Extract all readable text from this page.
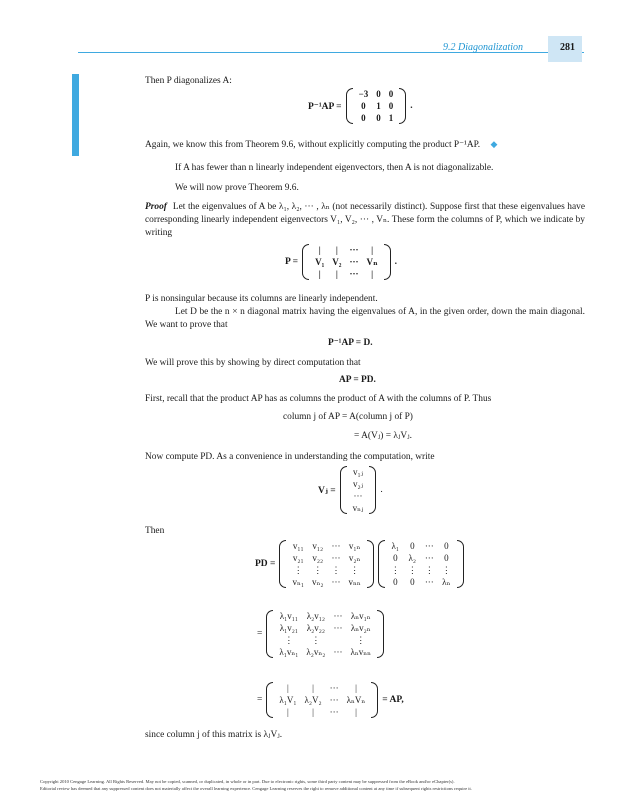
9.2 Diagonalization	281
Then P diagonalizes A:
P⁻¹AP =
−3	0	0
0	1	0
0	0	1
.
Again, we know this from Theorem 9.6, without explicitly computing the product P⁻¹AP. ◆
If A has fewer than n linearly independent eigenvectors, then A is not diagonalizable.
We will now prove Theorem 9.6.
Proof Let the eigenvalues of A be λ₁, λ₂, ··· , λₙ (not necessarily distinct). Suppose first that these eigenvalues have corresponding linearly independent eigenvectors V₁, V₂, ··· , Vₙ. These form the columns of P, which we indicate by writing
P =
|	|	···	|
V₁	V₂	···	Vₙ
|	|	···	|
.
P is nonsingular because its columns are linearly independent.
Let D be the n × n diagonal matrix having the eigenvalues of A, in the given order, down the main diagonal. We want to prove that
P⁻¹AP = D.
We will prove this by showing by direct computation that
AP = PD.
First, recall that the product AP has as columns the product of A with the columns of P. Thus
column j of AP = A(column j of P)
= A(Vⱼ) = λⱼVⱼ.
Now compute PD. As a convenience in understanding the computation, write
Vⱼ =
v₁ⱼ
v₂ⱼ
···
vₙⱼ
.
Then
PD =
v₁₁	v₁₂	···	v₁ₙ
v₂₁	v₂₂	···	v₂ₙ
⋮	⋮	⋮	⋮
vₙ₁	vₙ₂	···	vₙₙ
λ₁	0	···	0
0	λ₂	···	0
⋮	⋮	⋮	⋮
0	0	···	λₙ
=
λ₁v₁₁	λ₂v₁₂	···	λₙv₁ₙ
λ₁v₂₁	λ₂v₂₂	···	λₙv₂ₙ
⋮	⋮		⋮
λ₁vₙ₁	λ₂vₙ₂	···	λₙvₙₙ
=
|	|	···	|
λ₁V₁	λ₂V₂	···	λₙVₙ
|	|	···	|
= AP,
since column j of this matrix is λⱼVⱼ.
Copyright 2010 Cengage Learning. All Rights Reserved. May not be copied, scanned, or duplicated, in whole or in part. Due to electronic rights, some third party content may be suppressed from the eBook and/or eChapter(s).
Editorial review has deemed that any suppressed content does not materially affect the overall learning experience. Cengage Learning reserves the right to remove additional content at any time if subsequent rights restrictions require it.
